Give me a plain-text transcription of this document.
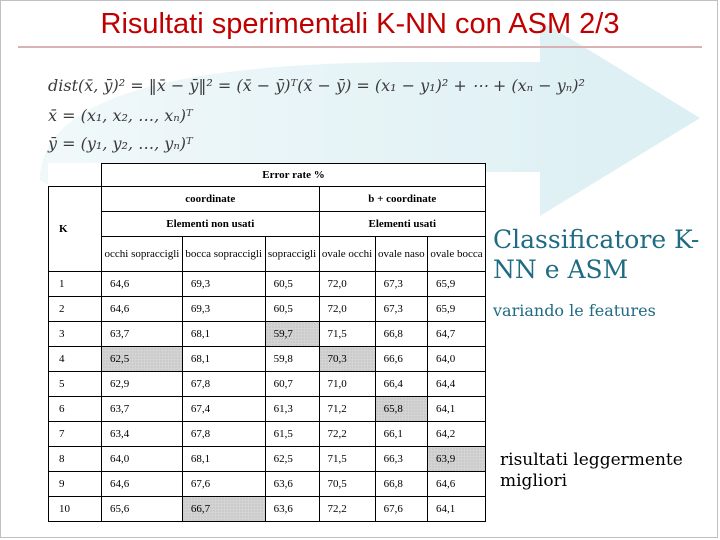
Risultati sperimentali K-NN con ASM 2/3
dist(x̄, ȳ)² = ‖x̄ − ȳ‖² = (x̄ − ȳ)ᵀ(x̄ − ȳ) = (x₁ − y₁)² + ⋯ + (xₙ − yₙ)²
x̄ = (x₁, x₂, …, xₙ)ᵀ
ȳ = (y₁, y₂, …, yₙ)ᵀ
	Error rate %					
K	coordinate			b + coordinate		
	Elementi non usati			Elementi usati		
	occhi sopraccigli	bocca sopraccigli	sopraccigli	ovale occhi	ovale naso	ovale bocca
1	64,6	69,3	60,5	72,0	67,3	65,9
2	64,6	69,3	60,5	72,0	67,3	65,9
3	63,7	68,1	59,7	71,5	66,8	64,7
4	62,5	68,1	59,8	70,3	66,6	64,0
5	62,9	67,8	60,7	71,0	66,4	64,4
6	63,7	67,4	61,3	71,2	65,8	64,1
7	63,4	67,8	61,5	72,2	66,1	64,2
8	64,0	68,1	62,5	71,5	66,3	63,9
9	64,6	67,6	63,6	70,5	66,8	64,6
10	65,6	66,7	63,6	72,2	67,6	64,1
Classificatore K-NN e ASM
variando le features
risultati leggermente migliori
